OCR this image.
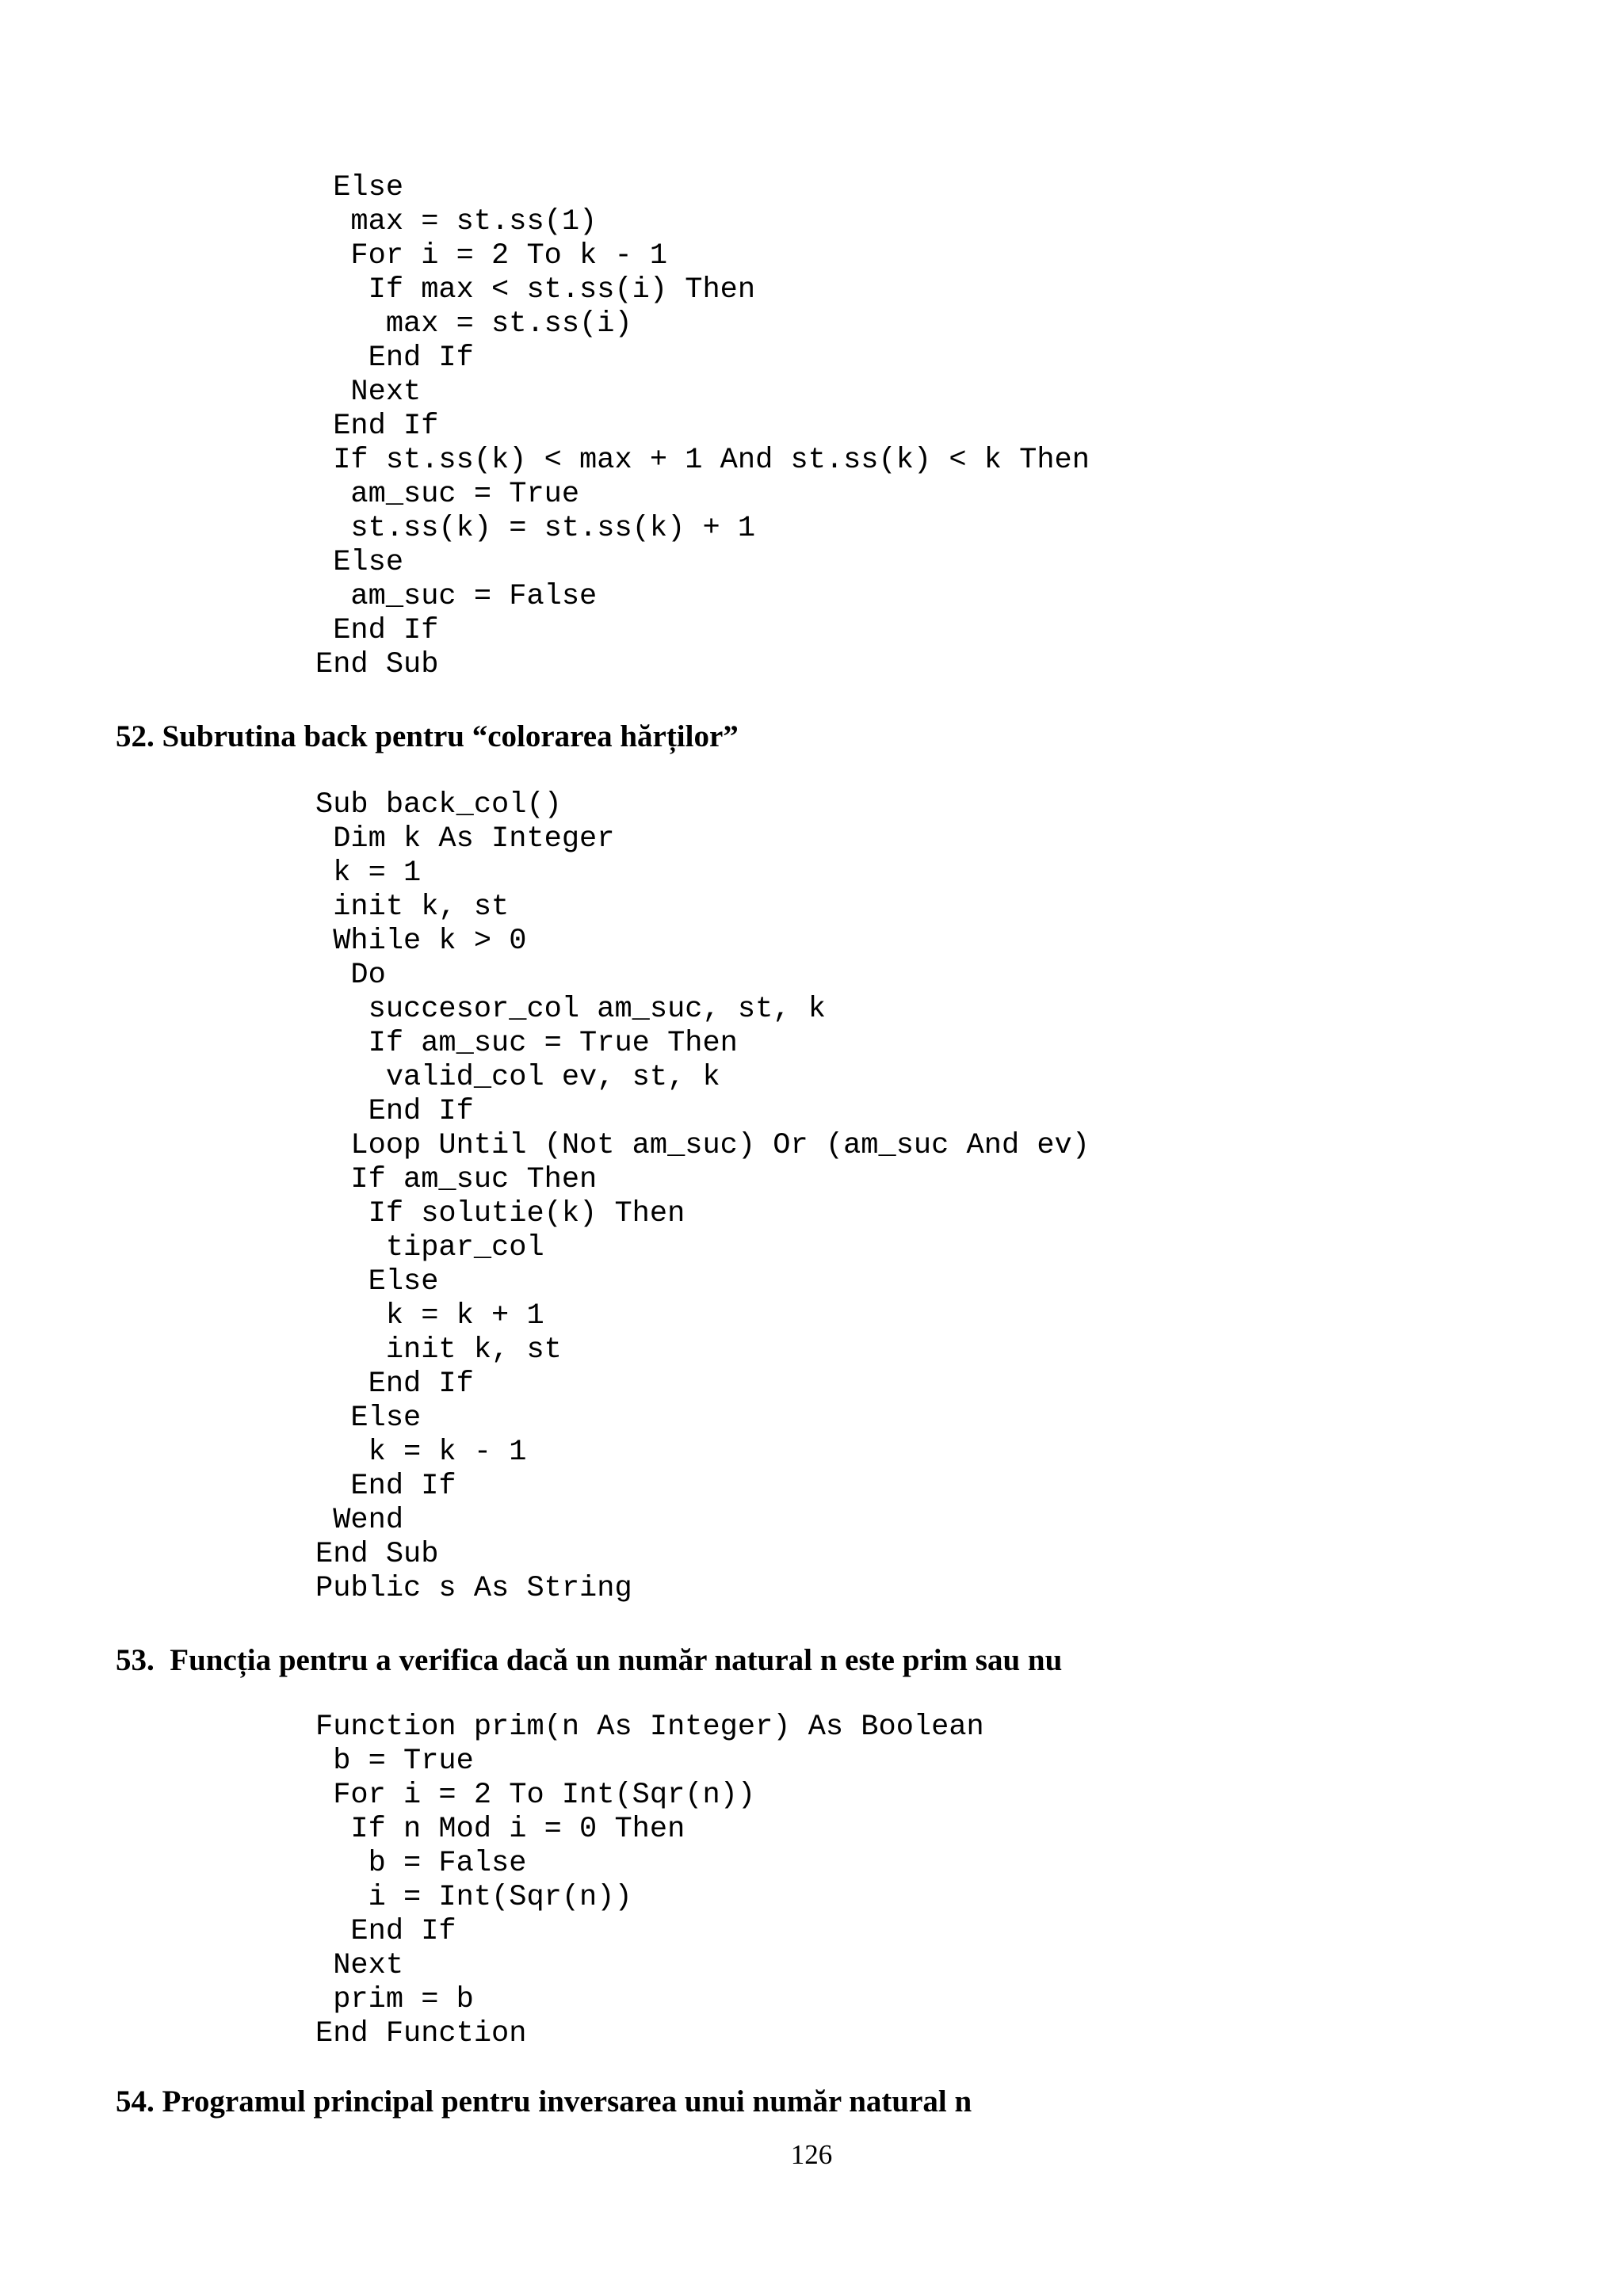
Else
max = st.ss(1)
For i = 2 To k - 1
If max < st.ss(i) Then
max = st.ss(i)
End If
Next
End If
If st.ss(k) < max + 1 And st.ss(k) < k Then
am_suc = True
st.ss(k) = st.ss(k) + 1
Else
am_suc = False
End If
End Sub
52. Subrutina back pentru “colorarea hărților”
Sub back_col()
Dim k As Integer
k = 1
init k, st
While k > 0
Do
succesor_col am_suc, st, k
If am_suc = True Then
valid_col ev, st, k
End If
Loop Until (Not am_suc) Or (am_suc And ev)
If am_suc Then
If solutie(k) Then
tipar_col
Else
k = k + 1
init k, st
End If
Else
k = k - 1
End If
Wend
End Sub
Public s As String
53.  Funcția pentru a verifica dacă un număr natural n este prim sau nu
Function prim(n As Integer) As Boolean
b = True
For i = 2 To Int(Sqr(n))
If n Mod i = 0 Then
b = False
i = Int(Sqr(n))
End If
Next
prim = b
End Function
54. Programul principal pentru inversarea unui număr natural n
126
